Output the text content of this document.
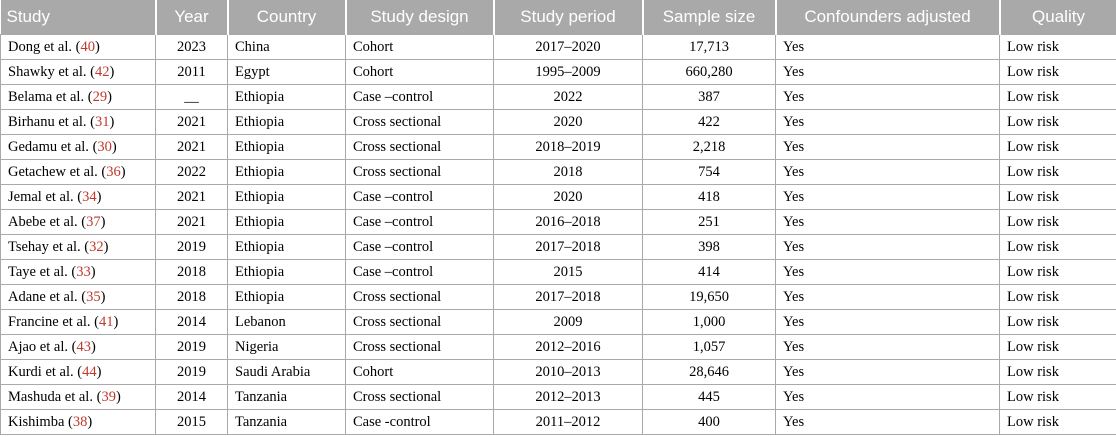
Study	Year	Country	Study design	Study period	Sample size	Confounders adjusted	Quality
Dong et al. (40)	2023	China	Cohort	2017–2020	17,713	Yes	Low risk
Shawky et al. (42)	2011	Egypt	Cohort	1995–2009	660,280	Yes	Low risk
Belama et al. (29)	__	Ethiopia	Case –control	2022	387	Yes	Low risk
Birhanu et al. (31)	2021	Ethiopia	Cross sectional	2020	422	Yes	Low risk
Gedamu et al. (30)	2021	Ethiopia	Cross sectional	2018–2019	2,218	Yes	Low risk
Getachew et al. (36)	2022	Ethiopia	Cross sectional	2018	754	Yes	Low risk
Jemal et al. (34)	2021	Ethiopia	Case –control	2020	418	Yes	Low risk
Abebe et al. (37)	2021	Ethiopia	Case –control	2016–2018	251	Yes	Low risk
Tsehay et al. (32)	2019	Ethiopia	Case –control	2017–2018	398	Yes	Low risk
Taye et al. (33)	2018	Ethiopia	Case –control	2015	414	Yes	Low risk
Adane et al. (35)	2018	Ethiopia	Cross sectional	2017–2018	19,650	Yes	Low risk
Francine et al. (41)	2014	Lebanon	Cross sectional	2009	1,000	Yes	Low risk
Ajao et al. (43)	2019	Nigeria	Cross sectional	2012–2016	1,057	Yes	Low risk
Kurdi et al. (44)	2019	Saudi Arabia	Cohort	2010–2013	28,646	Yes	Low risk
Mashuda et al. (39)	2014	Tanzania	Cross sectional	2012–2013	445	Yes	Low risk
Kishimba (38)	2015	Tanzania	Case -control	2011–2012	400	Yes	Low risk
